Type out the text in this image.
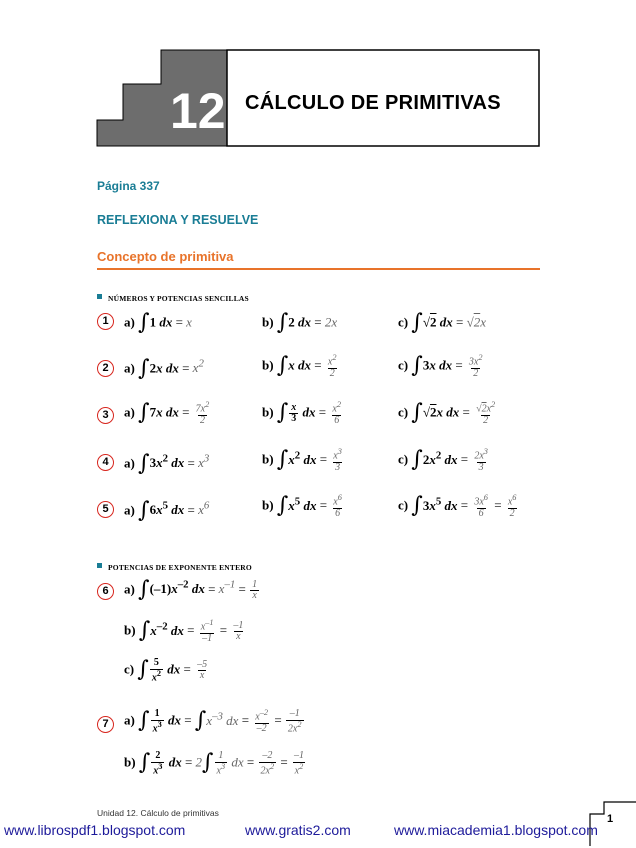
12 CÁLCULO DE PRIMITIVAS
Página 337
REFLEXIONA Y RESUELVE
Concepto de primitiva
NÚMEROS Y POTENCIAS SENCILLAS
1	a) ∫1 dx = x	b) ∫2 dx = 2x	c) ∫√2 dx = √2x
2	a) ∫2x dx = $x^2$	b) ∫x dx = $\frac{x^2}{2}$	c) ∫3x dx = $\frac{3x^2}{2}$
3	a) ∫7x dx = $\frac{7x^2}{2}$	b) ∫ $\frac{x}{3}$ dx = $\frac{x^2}{6}$	c) ∫√2x dx = $\frac{√2x^2}{2}$
4	a) $\int 3x^2$ dx = $x^3$	b) $\int x^2$ dx = $\frac{x^3}{3}$	c) $\int 2x^2$ dx = $\frac{2x^3}{3}$
5	a) $\int 6x^5$ dx = $x^6$	b) $\int x^5$ dx = $\frac{x^6}{6}$	c) $\int 3x^5$ dx = $\frac{3x^6}{6} = \frac{x^6}{2}$
POTENCIAS DE EXPONENTE ENTERO
6	a) $\int(-1)x^{-2}$ dx = $x^{-1} = \frac{1}{x}$
b) $\int x^{-2}$ dx = $\frac{x^{-1}}{-1} = \frac{-1}{x}$
c) ∫ $\frac{5}{x^2}$ dx = $\frac{-5}{x}$
7	a) ∫ $\frac{1}{x^3}$ dx = $\int x^{-3}$ dx = $\frac{x^{-2}}{-2} = \frac{-1}{2x^2}$
b) ∫ $\frac{2}{x^3}$ dx = $2\int \frac{1}{x^3}$ dx = $\frac{-2}{2x^2} = \frac{-1}{x^2}$
Unidad 12. Cálculo de primitivas	1
www.librospdf1.blogspot.com	www.gratis2.com	www.miacademia1.blogspot.com
